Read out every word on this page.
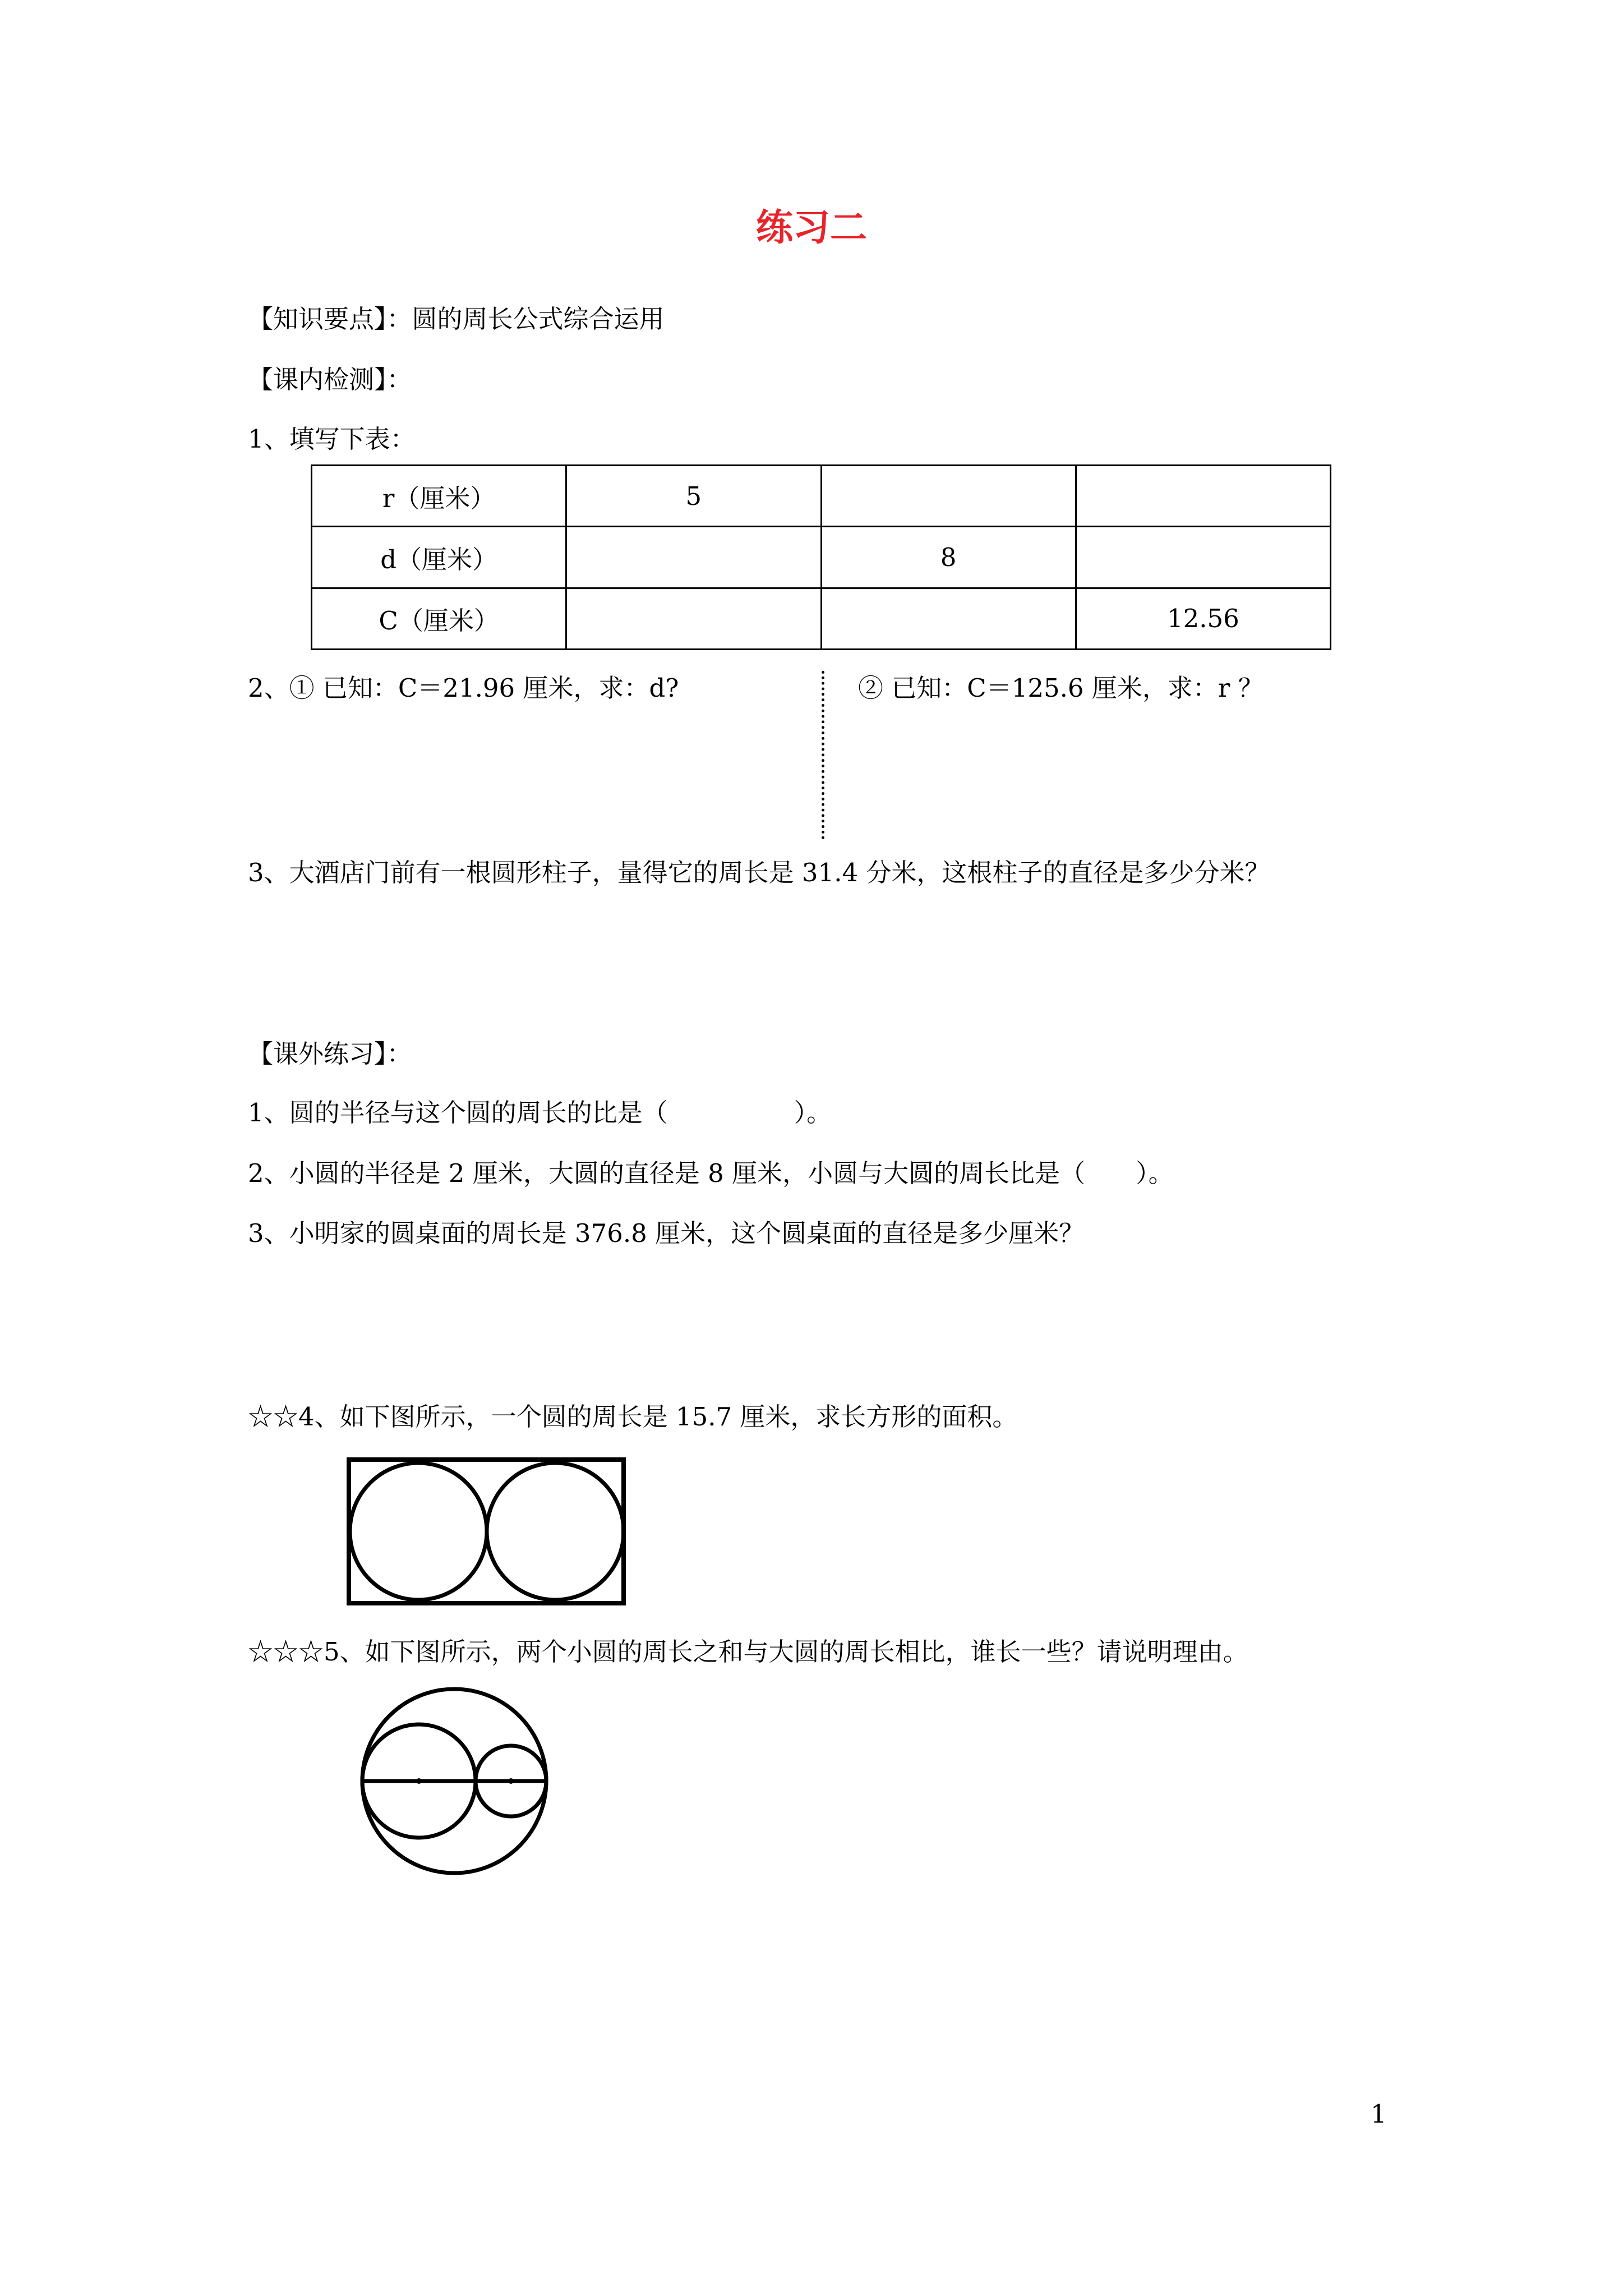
练习二
【知识要点】：圆的周长公式综合运用
【课内检测】：
1、填写下表：
r（厘米）	5		
d（厘米）		8	
C（厘米）			12.56
2、① 已知：C＝21.96 厘米，求：d?	② 已知：C＝125.6 厘米，求：r ？
3、大酒店门前有一根圆形柱子，量得它的周长是 31.4 分米，这根柱子的直径是多少分米？
【课外练习】：
1、圆的半径与这个圆的周长的比是（　　　　　）。
2、小圆的半径是 2 厘米，大圆的直径是 8 厘米，小圆与大圆的周长比是（　　）。
3、小明家的圆桌面的周长是 376.8 厘米，这个圆桌面的直径是多少厘米？
☆☆4、如下图所示，一个圆的周长是 15.7 厘米，求长方形的面积。
☆☆☆5、如下图所示，两个小圆的周长之和与大圆的周长相比，谁长一些？请说明理由。
1
